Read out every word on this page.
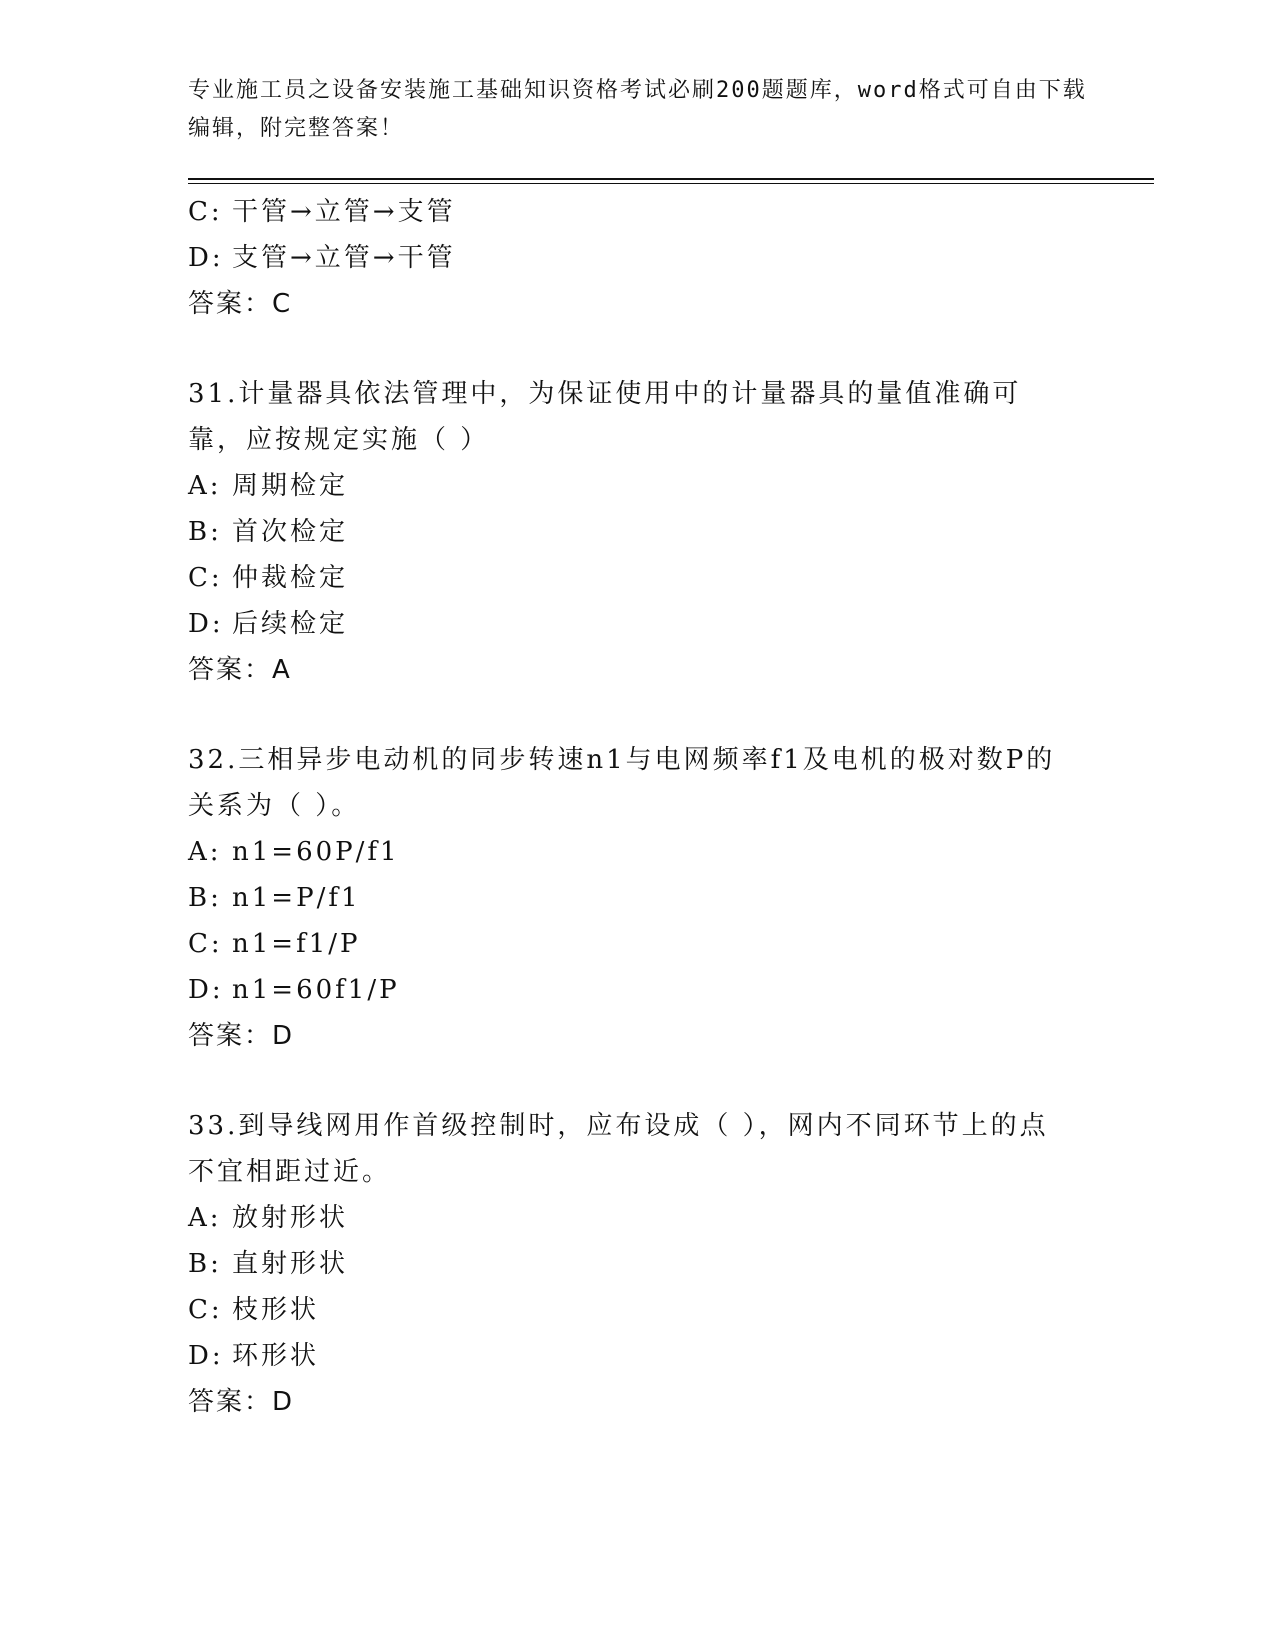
专业施工员之设备安装施工基础知识资格考试必刷200题题库，word格式可自由下载编辑，附完整答案！
C: 干管→立管→支管
D: 支管→立管→干管
答案：C
31.计量器具依法管理中，为保证使用中的计量器具的量值准确可靠，应按规定实施（ ）
A: 周期检定
B: 首次检定
C: 仲裁检定
D: 后续检定
答案：A
32.三相异步电动机的同步转速n1与电网频率f1及电机的极对数P的关系为（ ）。
A: n1=60P/f1
B: n1=P/f1
C: n1=f1/P
D: n1=60f1/P
答案：D
33.到导线网用作首级控制时，应布设成（ ），网内不同环节上的点不宜相距过近。
A: 放射形状
B: 直射形状
C: 枝形状
D: 环形状
答案：D
